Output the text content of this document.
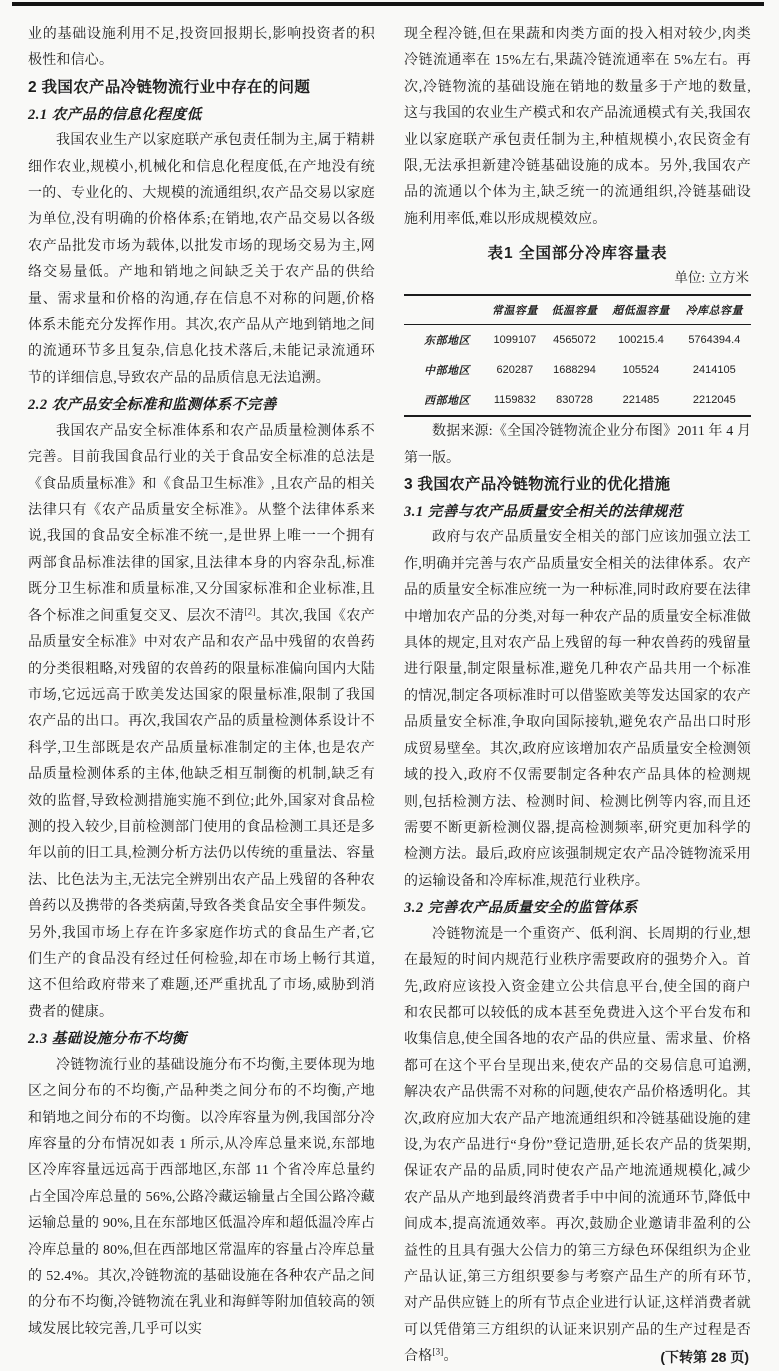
业的基础设施利用不足,投资回报期长,影响投资者的积极性和信心。

2 我国农产品冷链物流行业中存在的问题
2.1 农产品的信息化程度低

我国农业生产以家庭联产承包责任制为主,属于精耕细作农业,规模小,机械化和信息化程度低,在产地没有统一的、专业化的、大规模的流通组织,农产品交易以家庭为单位,没有明确的价格体系;在销地,农产品交易以各级农产品批发市场为载体,以批发市场的现场交易为主,网络交易量低。产地和销地之间缺乏关于农产品的供给量、需求量和价格的沟通,存在信息不对称的问题,价格体系未能充分发挥作用。其次,农产品从产地到销地之间的流通环节多且复杂,信息化技术落后,未能记录流通环节的详细信息,导致农产品的品质信息无法追溯。

2.2 农产品安全标准和监测体系不完善

我国农产品安全标准体系和农产品质量检测体系不完善。目前我国食品行业的关于食品安全标准的总法是《食品质量标准》和《食品卫生标准》,且农产品的相关法律只有《农产品质量安全标准》。从整个法律体系来说,我国的食品安全标准不统一,是世界上唯一一个拥有两部食品标准法律的国家,且法律本身的内容杂乱,标准既分卫生标准和质量标准,又分国家标准和企业标准,且各个标准之间重复交叉、层次不清[2]。其次,我国《农产品质量安全标准》中对农产品和农产品中残留的农兽药的分类很粗略,对残留的农兽药的限量标准偏向国内大陆市场,它远远高于欧美发达国家的限量标准,限制了我国农产品的出口。再次,我国农产品的质量检测体系设计不科学,卫生部既是农产品质量标准制定的主体,也是农产品质量检测体系的主体,他缺乏相互制衡的机制,缺乏有效的监督,导致检测措施实施不到位;此外,国家对食品检测的投入较少,目前检测部门使用的食品检测工具还是多年以前的旧工具,检测分析方法仍以传统的重量法、容量法、比色法为主,无法完全辨别出农产品上残留的各种农兽药以及携带的各类病菌,导致各类食品安全事件频发。另外,我国市场上存在许多家庭作坊式的食品生产者,它们生产的食品没有经过任何检验,却在市场上畅行其道,这不但给政府带来了难题,还严重扰乱了市场,威胁到消费者的健康。

2.3 基础设施分布不均衡

冷链物流行业的基础设施分布不均衡,主要体现为地区之间分布的不均衡,产品种类之间分布的不均衡,产地和销地之间分布的不均衡。以冷库容量为例,我国部分冷库容量的分布情况如表 1 所示,从冷库总量来说,东部地区冷库容量远远高于西部地区,东部 11 个省冷库总量约占全国冷库总量的 56%,公路冷藏运输量占全国公路冷藏运输总量的 90%,且在东部地区低温冷库和超低温冷库占冷库总量的 80%,但在西部地区常温库的容量占冷库总量的 52.4%。其次,冷链物流的基础设施在各种农产品之间的分布不均衡,冷链物流在乳业和海鲜等附加值较高的领域发展比较完善,几乎可以实

现全程冷链,但在果蔬和肉类方面的投入相对较少,肉类冷链流通率在 15%左右,果蔬冷链流通率在 5%左右。再次,冷链物流的基础设施在销地的数量多于产地的数量,这与我国的农业生产模式和农产品流通模式有关,我国农业以家庭联产承包责任制为主,种植规模小,农民资金有限,无法承担新建冷链基础设施的成本。另外,我国农产品的流通以个体为主,缺乏统一的流通组织,冷链基础设施利用率低,难以形成规模效应。

表1 全国部分冷库容量表
单位: 立方米
	常温容量	低温容量	超低温容量	冷库总容量
东部地区	1099107	4565072	100215.4	5764394.4
中部地区	620287	1688294	105524	2414105
西部地区	1159832	830728	221485	2212045

数据来源:《全国冷链物流企业分布图》2011 年 4 月第一版。

3 我国农产品冷链物流行业的优化措施
3.1 完善与农产品质量安全相关的法律规范

政府与农产品质量安全相关的部门应该加强立法工作,明确并完善与农产品质量安全相关的法律体系。农产品的质量安全标准应统一为一种标准,同时政府要在法律中增加农产品的分类,对每一种农产品的质量安全标准做具体的规定,且对农产品上残留的每一种农兽药的残留量进行限量,制定限量标准,避免几种农产品共用一个标准的情况,制定各项标准时可以借鉴欧美等发达国家的农产品质量安全标准,争取向国际接轨,避免农产品出口时形成贸易壁垒。其次,政府应该增加农产品质量安全检测领域的投入,政府不仅需要制定各种农产品具体的检测规则,包括检测方法、检测时间、检测比例等内容,而且还需要不断更新检测仪器,提高检测频率,研究更加科学的检测方法。最后,政府应该强制规定农产品冷链物流采用的运输设备和冷库标准,规范行业秩序。

3.2 完善农产品质量安全的监管体系

冷链物流是一个重资产、低利润、长周期的行业,想在最短的时间内规范行业秩序需要政府的强势介入。首先,政府应该投入资金建立公共信息平台,使全国的商户和农民都可以较低的成本甚至免费进入这个平台发布和收集信息,使全国各地的农产品的供应量、需求量、价格都可在这个平台呈现出来,使农产品的交易信息可追溯,解决农产品供需不对称的问题,使农产品价格透明化。其次,政府应加大农产品产地流通组织和冷链基础设施的建设,为农产品进行“身份”登记造册,延长农产品的货架期,保证农产品的品质,同时使农产品产地流通规模化,减少农产品从产地到最终消费者手中中间的流通环节,降低中间成本,提高流通效率。再次,鼓励企业邀请非盈利的公益性的且具有强大公信力的第三方绿色环保组织为企业产品认证,第三方组织要参与考察产品生产的所有环节,对产品供应链上的所有节点企业进行认证,这样消费者就可以凭借第三方组织的认证来识别产品的生产过程是否合格[3]。	(下转第 28 页)
